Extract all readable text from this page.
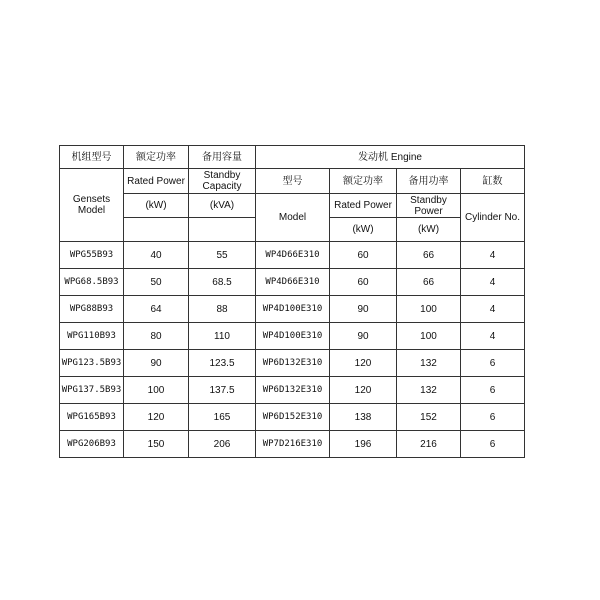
机组型号	额定功率	备用容量	发动机 Engine			
Gensets Model	Rated Power	Standby Capacity	型号	额定功率	备用功率	缸数
	(kW)	(kVA)	Model	Rated Power	Standby Power	Cylinder No.
				(kW)	(kW)	
WPG55B93	40	55	WP4D66E310	60	66	4
WPG68.5B93	50	68.5	WP4D66E310	60	66	4
WPG88B93	64	88	WP4D100E310	90	100	4
WPG110B93	80	110	WP4D100E310	90	100	4
WPG123.5B93	90	123.5	WP6D132E310	120	132	6
WPG137.5B93	100	137.5	WP6D132E310	120	132	6
WPG165B93	120	165	WP6D152E310	138	152	6
WPG206B93	150	206	WP7D216E310	196	216	6
